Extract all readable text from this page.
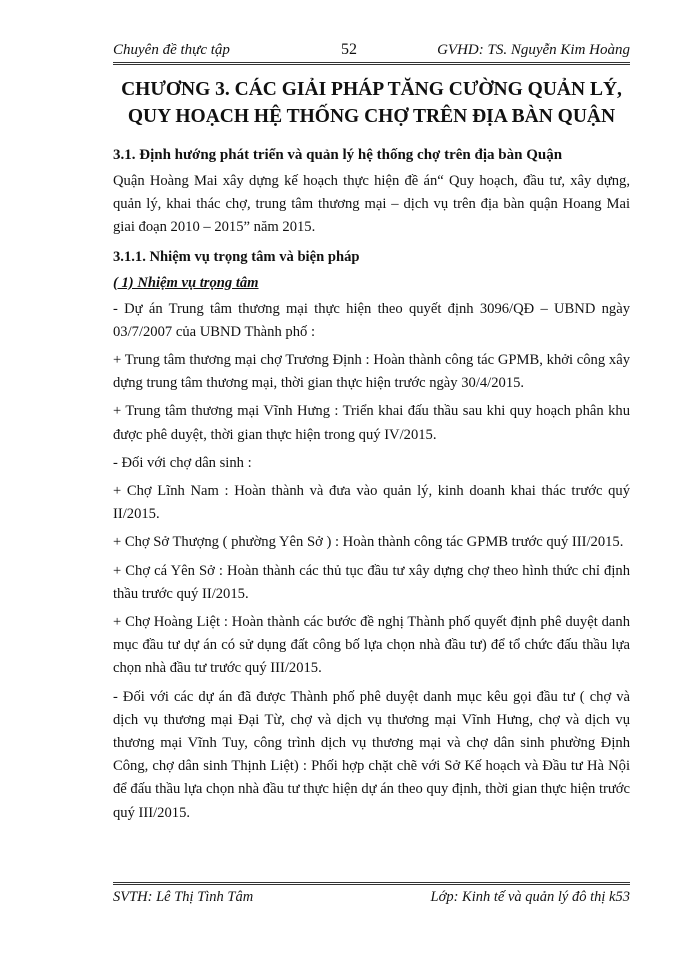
Chuyên đề thực tập	52	GVHD: TS. Nguyễn Kim Hoàng
CHƯƠNG 3. CÁC GIẢI PHÁP TĂNG CƯỜNG QUẢN LÝ,
QUY HOẠCH HỆ THỐNG CHỢ TRÊN ĐỊA BÀN QUẬN
3.1. Định hướng phát triển và quản lý hệ thống chợ trên địa bàn Quận

Quận Hoàng Mai xây dựng kế hoạch thực hiện đề án“ Quy hoạch, đầu tư, xây dựng, quản lý, khai thác chợ, trung tâm thương mại – dịch vụ trên địa bàn quận Hoang Mai giai đoạn 2010 – 2015” năm 2015.

3.1.1. Nhiệm vụ trọng tâm và biện pháp
( 1) Nhiệm vụ trọng tâm

- Dự án Trung tâm thương mại thực hiện theo quyết định 3096/QĐ – UBND ngày 03/7/2007 của UBND Thành phố :

+ Trung tâm thương mại chợ Trương Định : Hoàn thành công tác GPMB, khởi công xây dựng trung tâm thương mại, thời gian thực hiện trước ngày 30/4/2015.

+ Trung tâm thương mại Vĩnh Hưng : Triển khai đấu thầu sau khi quy hoạch phân khu được phê duyệt, thời gian thực hiện trong quý IV/2015.

- Đối với chợ dân sinh :

+ Chợ Lĩnh Nam : Hoàn thành và đưa vào quản lý, kinh doanh khai thác trước quý II/2015.

+ Chợ Sở Thượng ( phường Yên Sở ) : Hoàn thành công tác GPMB trước quý III/2015.

+ Chợ cá Yên Sở : Hoàn thành các thủ tục đầu tư xây dựng chợ theo hình thức chỉ định thầu trước quý II/2015.

+ Chợ Hoàng Liệt : Hoàn thành các bước đề nghị Thành phố quyết định phê duyệt danh mục đầu tư dự án có sử dụng đất công bố lựa chọn nhà đầu tư) để tổ chức đấu thầu lựa chọn nhà đầu tư trước quý III/2015.

- Đối với các dự án đã được Thành phố phê duyệt danh mục kêu gọi đầu tư ( chợ và dịch vụ thương mại Đại Từ, chợ và dịch vụ thương mại Vĩnh Hưng, chợ và dịch vụ thương mại Vĩnh Tuy, công trình dịch vụ thương mại và chợ dân sinh phường Định Công, chợ dân sinh Thịnh Liệt) : Phối hợp chặt chẽ với Sở Kế hoạch và Đầu tư Hà Nội để đấu thầu lựa chọn nhà đầu tư thực hiện dự án theo quy định, thời gian thực hiện trước quý III/2015.

SVTH: Lê Thị Tình Tâm	Lớp: Kinh tế và quản lý đô thị k53
